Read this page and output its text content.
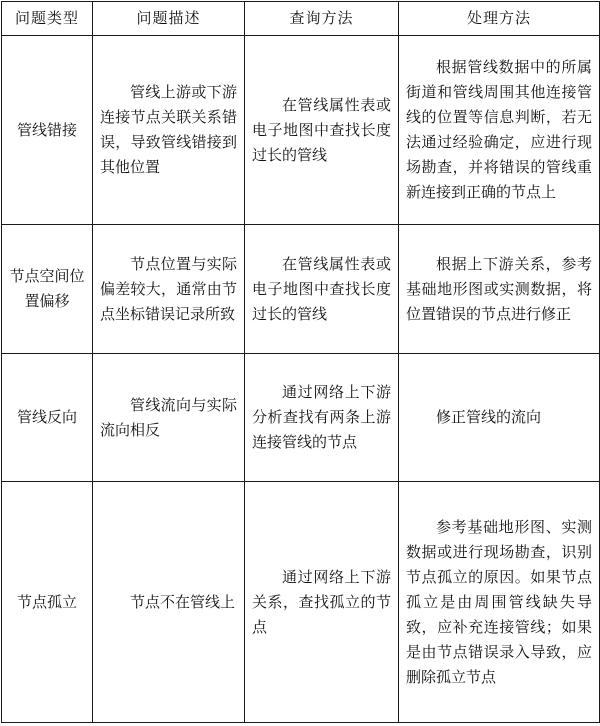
问题类型	问题描述	查询方法	处理方法
管线错接	管线上游或下游连接节点关联关系错误，导致管线错接到其他位置	在管线属性表或电子地图中查找长度过长的管线	根据管线数据中的所属街道和管线周围其他连接管线的位置等信息判断，若无法通过经验确定，应进行现场勘查，并将错误的管线重新连接到正确的节点上
节点空间位置偏移	节点位置与实际偏差较大，通常由节点坐标错误记录所致	在管线属性表或电子地图中查找长度过长的管线	根据上下游关系，参考基础地形图或实测数据，将位置错误的节点进行修正
管线反向	管线流向与实际流向相反	通过网络上下游分析查找有两条上游连接管线的节点	修正管线的流向
节点孤立	节点不在管线上	通过网络上下游关系，查找孤立的节点	参考基础地形图、实测数据或进行现场勘查，识别节点孤立的原因。如果节点孤立是由周围管线缺失导致，应补充连接管线；如果是由节点错误录入导致，应删除孤立节点
